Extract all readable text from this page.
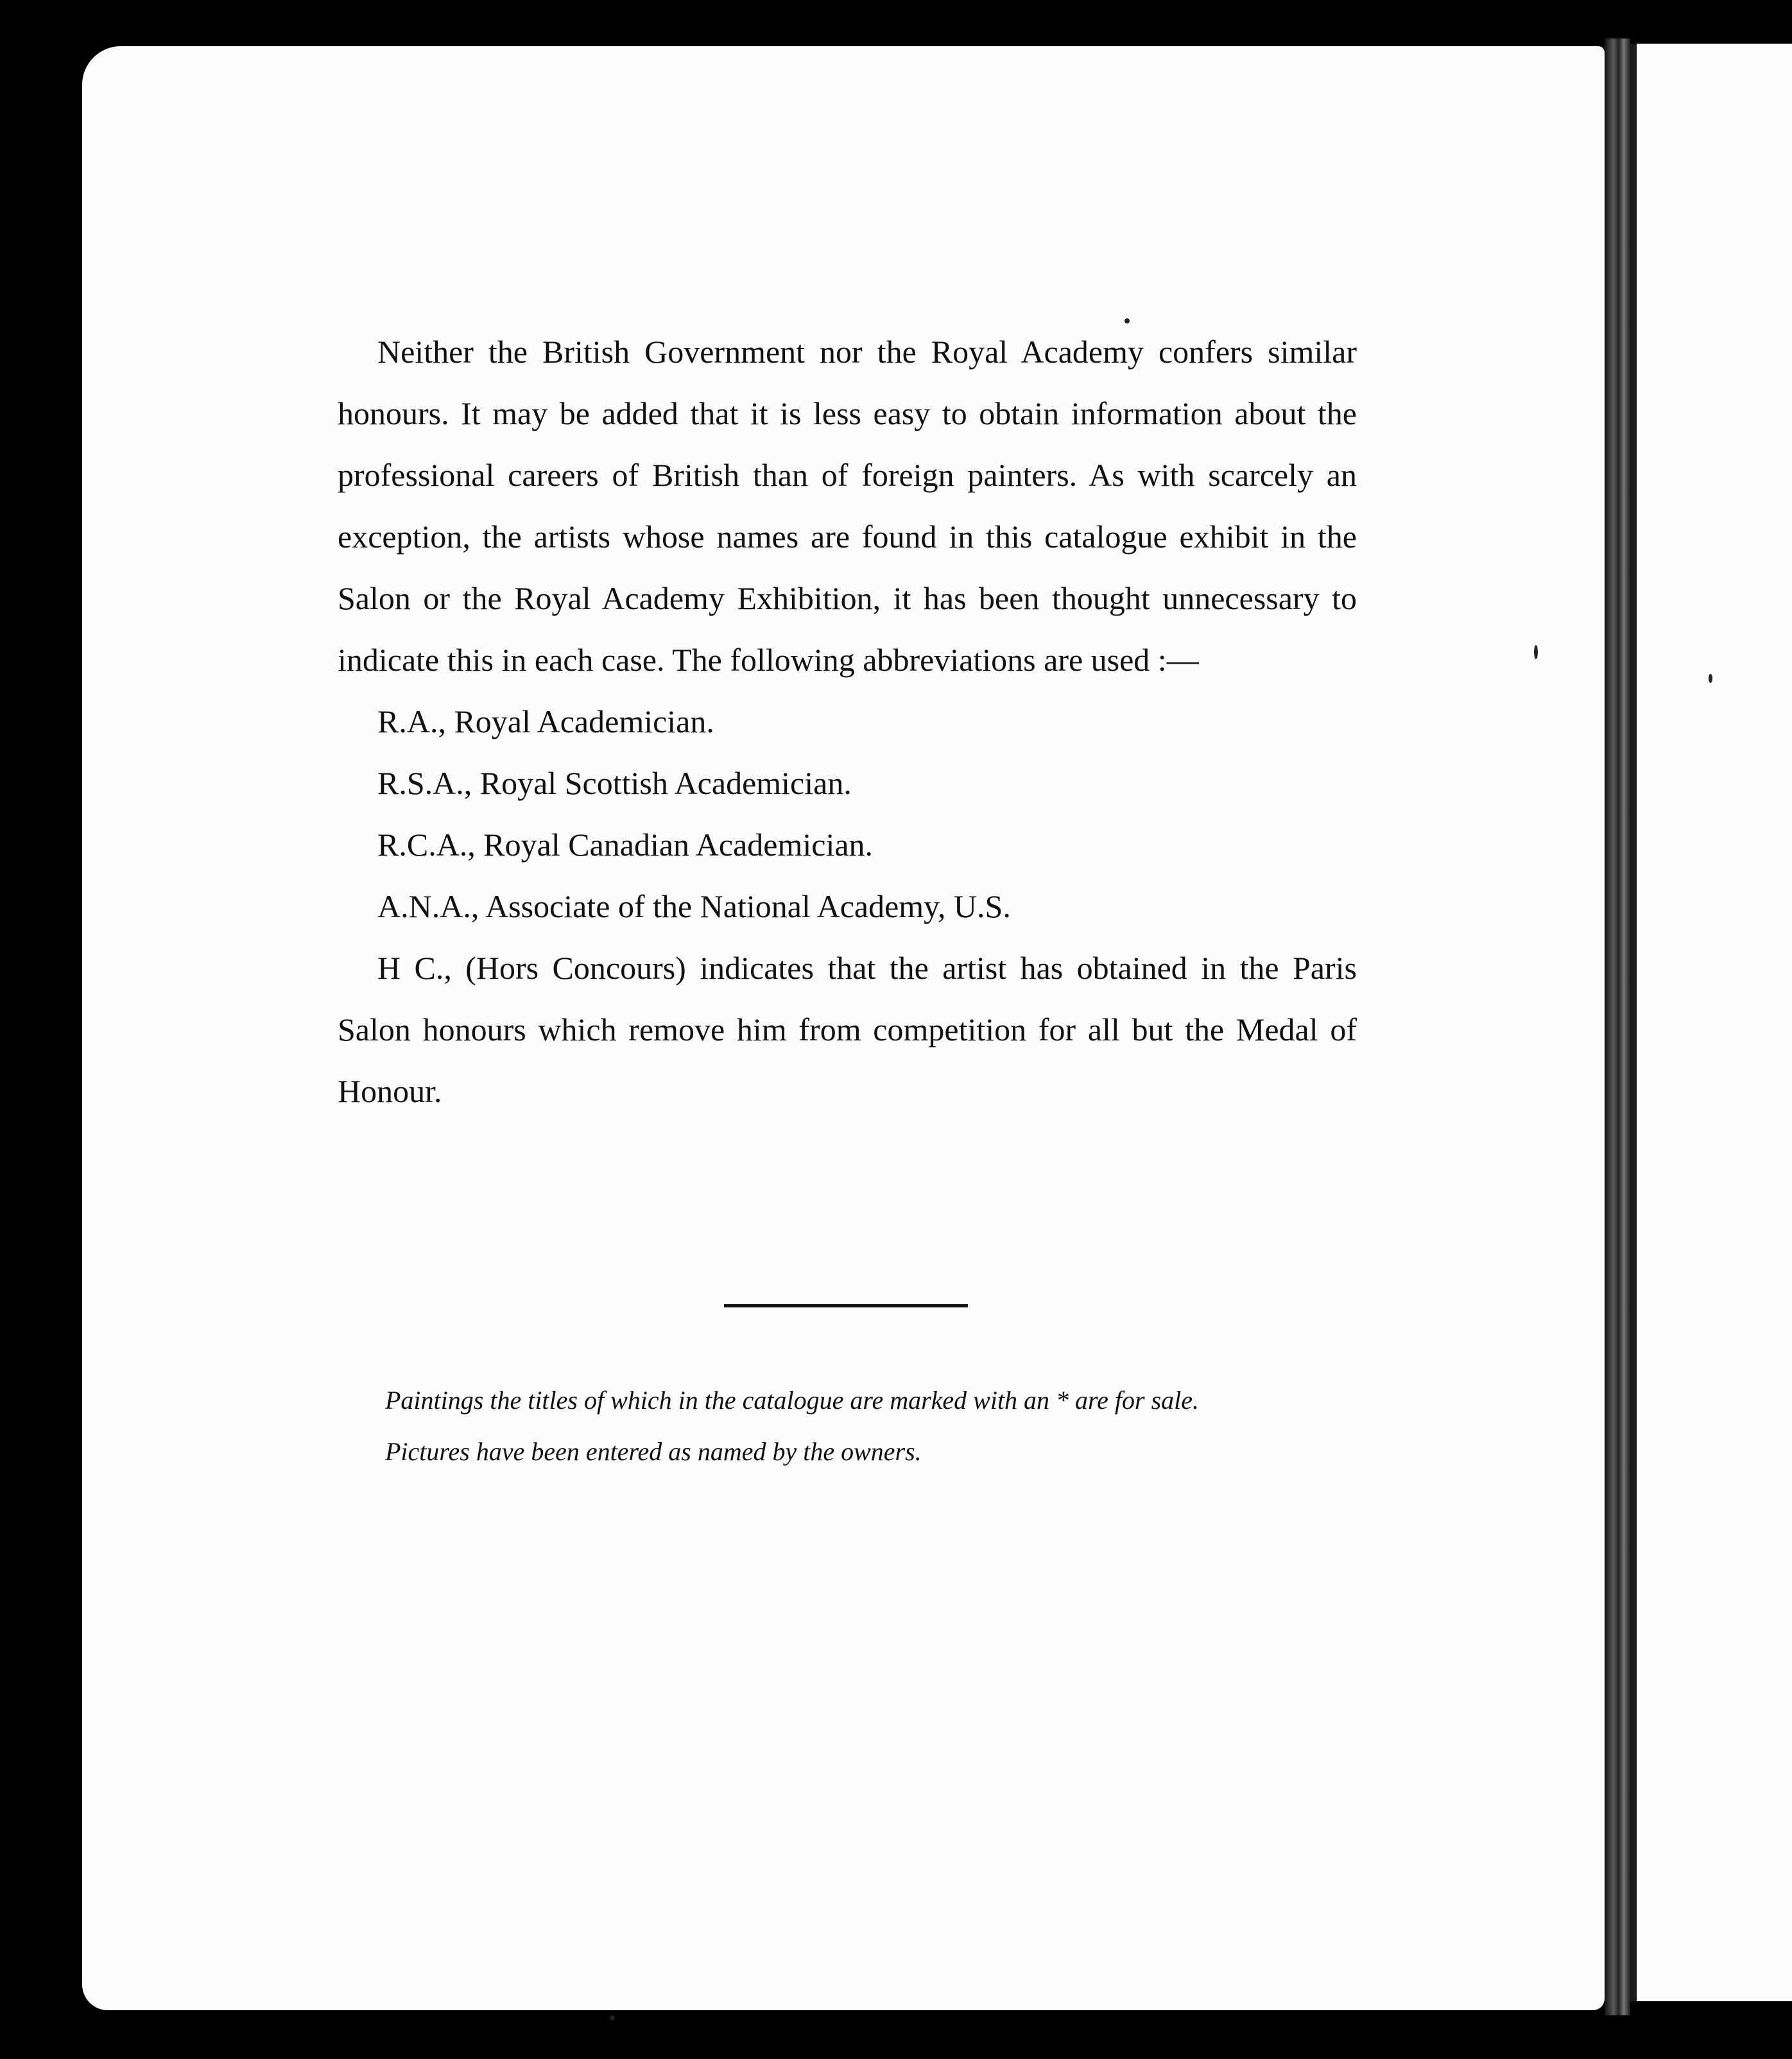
Neither the British Government nor the Royal Academy confers similar honours. It may be added that it is less easy to obtain information about the professional careers of British than of foreign painters. As with scarcely an exception, the artists whose names are found in this catalogue exhibit in the Salon or the Royal Academy Exhibition, it has been thought unnecessary to indicate this in each case. The following abbreviations are used :—

R.A., Royal Academician.

R.S.A., Royal Scottish Academician.

R.C.A., Royal Canadian Academician.

A.N.A., Associate of the National Academy, U.S.

H C., (Hors Concours) indicates that the artist has obtained in the Paris Salon honours which remove him from competition for all but the Medal of Honour.

Paintings the titles of which in the catalogue are marked with an * are for sale.

Pictures have been entered as named by the owners.
